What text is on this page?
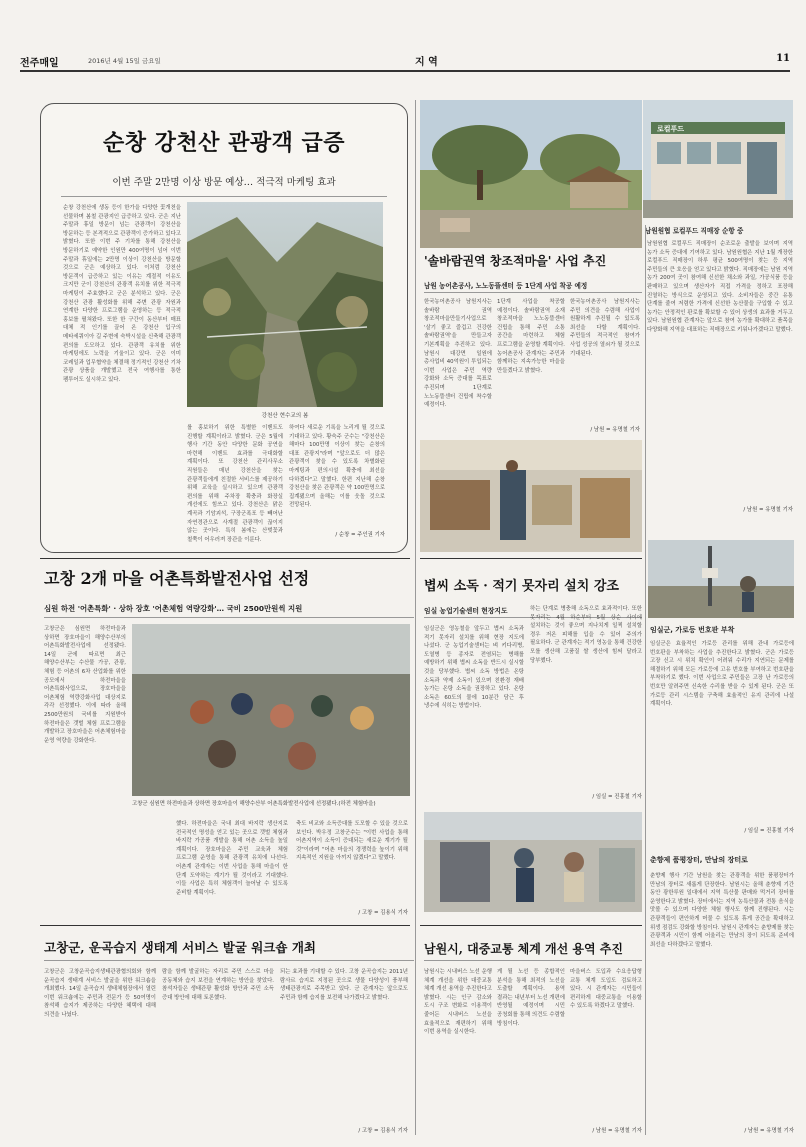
전주매일	2016년 4월 15일 금요일	지 역	11
순창 강천산 관광객 급증
이번 주말 2만명 이상 방문 예상… 적극적 마케팅 효과
순창 강천산에 생동 등이 한가을 다양한 꽃개천을 선물하며 봄철 관광지인 급증하고 있다. 군은 지난 주말과 휴일 방문이 넘는 관광객이 강천산을 방문하는 등 본격적으로 관광객이 증가하고 있다고 밝혔다. 또한 이번 주 기차를 통해 강천산을 방문하기로 예약한 인원만 400여명이 넘어 이번 주말과 휴일에는 2만명 이상이 강천산을 방문할 것으로 군은 예상하고 있다. 이처럼 강천산 방문객이 급증하고 있는 이유는 계절적 이유도 크지만 군이 강천산의 관광객 유치를 위한 적극적 마케팅이 주효했다고 군은 분석하고 있다. 군은 강천산 관광 활성화를 위해 주변 관광 자원과 연계한 다양한 프로그램을 운영하는 등 적극적 홍보를 펼쳐왔다. 또한 한 구간이 동산부터 매표 대체 적 인기를 끌어 온 강천산 입구의 메타세쿼이아 길 주변에 숙박시설을 신축해 관광객 편의를 도모하고 있다. 관광객 유치를 위한 마케팅에도 노력을 기울이고 있다. 군은 이미 코레일과 업무협약을 체결해 정기적인 강천산 기차 관광 상품을 개발했고 전국 여행사를 통한 팸투어도 실시하고 있다.
강천산 현수교의 봄
를 홍보하기 위한 특별한 이벤트도 진행할 계획이라고 밝혔다. 군은 5월에 행사 기간 동안 다양한 문화 공연을 마련해 이벤트 효과를 극대화할 계획이다. 또 강천산 관리사무소 직원들은 매년 강천산을 찾는 관광객들에게 친절한 서비스를 제공하기 위해 교육을 실시하고 있으며 관광객 편의를 위해 주차장 확충과 화장실 개선에도 힘쓰고 있다. 강천산은 맑은 계곡과 기암괴석, 구장군폭포 등 빼어난 자연경관으로 사계절 관광객이 끊이지 않는 곳이다. 특히 봄에는 산벚꽃과 철쭉이 어우러져 장관을 이룬다.
하여다 새로운 기록을 노리게 될 것으로 기대하고 있다. 황숙주 군수는 "강천산은 해마다 100만명 이상이 찾는 순창의 대표 관광지"라며 "앞으로도 더 많은 관광객이 찾을 수 있도록 차별화된 마케팅과 편의시설 확충에 최선을 다하겠다"고 말했다. 한편 지난해 순창 강천산을 찾은 관광객은 약 100만명으로 집계됐으며 올해는 이를 웃돌 것으로 전망된다.
/ 순창 = 주인권 기자
로컬푸드
남원원협 로컬푸드 직매장 순항 중
'솔바람권역 창조적마을' 사업 추진
남원 농어촌공사, 노노동뜰센터 등 1단계 사업 착공 예정
한국농어촌공사 남원지사는 솔바람 권역 창조적마을만들기사업으로 '살기 좋고 즐겁고 건강한 솔바람권역'을 만들고자 기본계획을 추진하고 있다. 남원시 대강면 일원에 총사업비 40억원이 투입되는 이번 사업은 주민 역량 강화와 소득 증대를 목표로 추진되며 1단계로 노노동뜰센터 건립에 착수할 예정이다.
1단계 사업을 착공할 예정이다. 솔바람권역 소재 창조적마을 노노동뜰센터 건립을 통해 주민 소통 공간을 마련하고 체험 프로그램을 운영할 계획이다. 농어촌공사 관계자는 주민과 함께하는 지속가능한 마을을 만들겠다고 밝혔다.
한국농어촌공사 남원지사는 주민 의견을 수렴해 사업이 원활하게 추진될 수 있도록 최선을 다할 계획이다. 주민들의 적극적인 참여가 사업 성공의 열쇠가 될 것으로 기대된다.
/ 남원 = 유명철 기자
남원원협 로컬푸드 직매장이 순조로운 출발을 보이며 지역 농가 소득 증대에 기여하고 있다. 남원원협은 지난 1월 개장한 로컬푸드 직매장이 하루 평균 500여명이 찾는 등 지역 주민들의 큰 호응을 얻고 있다고 밝혔다. 직매장에는 남원 지역 농가 200여 곳이 참여해 신선한 채소와 과일, 가공식품 등을 판매하고 있으며 생산자가 직접 가격을 정하고 포장해 진열하는 방식으로 운영되고 있다. 소비자들은 중간 유통 단계를 줄여 저렴한 가격에 신선한 농산물을 구입할 수 있고 농가는 안정적인 판로를 확보할 수 있어 상생의 효과를 거두고 있다. 남원원협 관계자는 앞으로 참여 농가를 확대하고 품목을 다양화해 지역을 대표하는 직매장으로 키워나가겠다고 말했다.
/ 남원 = 유명철 기자
고창 2개 마을 어촌특화발전사업 선정
심원 하전 '어촌특화' · 상하 장호 '어촌체험 역량강화'… 국비 2500만원씩 지원
고창군은 심원면 하전마을과 상하면 장호마을이 해양수산부의 어촌특화발전사업에 선정됐다. 14일 군에 따르면 최근 해양수산부는 수산물 가공, 관광, 체험 등 어촌의 6차 산업화를 위한 공모에서 하전마을을 어촌특화사업으로, 장호마을을 어촌체험 역량강화사업 대상지로 각각 선정했다. 이에 따라 올해 2500만원의 국비를 지원받아 하전마을은 갯벌 체험 프로그램을 개발하고 장호마을은 어촌체험마을 운영 역량을 강화한다.
고창군 심원면 하전마을과 상하면 장호마을이 해양수산부 어촌특화발전사업에 선정됐다.(하전 체험마을)
했다. 하전마을은 국내 최대 바지락 생산지로 전국적인 명성을 얻고 있는 곳으로 갯벌 체험과 바지락 가공품 개발을 통해 어촌 소득을 높일 계획이다. 장호마을은 주민 교육과 체험 프로그램 운영을 통해 관광객 유치에 나선다. 어촌계 관계자는 이번 사업을 통해 마을이 한 단계 도약하는 계기가 될 것이라고 기대했다. 이들 사업은 특히 체험객이 늘어날 수 있도록 준비할 계획이다.
축도 비교와 소득증대를 도모할 수 있을 것으로 보인다. 박우정 고창군수는 "이번 사업을 통해 어촌지역이 소득이 증대되는 새로운 계기가 될 것"이라며 "어촌 마을의 경쟁력을 높이기 위해 지속적인 지원을 아끼지 않겠다"고 말했다.
/ 고창 = 김용식 기자
볍씨 소독 · 적기 못자리 설치 강조
임실 농업기술센터 현장지도
임실군은 영농철을 앞두고 볍씨 소독과 적기 못자리 설치를 위해 현장 지도에 나섰다. 군 농업기술센터는 벼 키다리병, 도열병 등 종자로 전염되는 병해를 예방하기 위해 볍씨 소독을 반드시 실시할 것을 당부했다. 볍씨 소독 방법은 온탕 소독과 약제 소독이 있으며 친환경 재배 농가는 온탕 소독을 권장하고 있다. 온탕 소독은 60도의 물에 10분간 담근 후 냉수에 식히는 방법이다.
하는 단계로 병충해 소독으로 효과적이다. 또한 못자리는 4월 하순부터 5월 상순 사이에 설치하는 것이 좋으며 지나치게 일찍 설치할 경우 저온 피해를 입을 수 있어 주의가 필요하다. 군 관계자는 적기 영농을 통해 건강한 모를 생산해 고품질 쌀 생산에 힘써 달라고 당부했다.
/ 임실 = 진홍철 기자
임실군, 가로등 번호판 부착
임실군은 효율적인 가로등 관리를 위해 관내 가로등에 번호판을 부착하는 사업을 추진한다고 밝혔다. 군은 가로등 고장 신고 시 위치 확인이 어려워 수리가 지연되는 문제를 해결하기 위해 모든 가로등에 고유 번호를 부여하고 번호판을 부착하기로 했다. 이번 사업으로 주민들은 고장 난 가로등의 번호만 알려주면 신속한 수리를 받을 수 있게 된다. 군은 또 가로등 관리 시스템을 구축해 효율적인 유지 관리에 나설 계획이다.
/ 임실 = 진홍철 기자
춘향제 품평장터, 만남의 장터로
춘향제 행사 기간 남원을 찾는 관광객을 위한 품평장터가 만남의 장터로 새롭게 단장한다. 남원시는 올해 춘향제 기간 동안 광한루원 일대에서 지역 특산물 판매와 먹거리 장터를 운영한다고 밝혔다. 장터에서는 지역 농특산물과 전통 음식을 맛볼 수 있으며 다양한 체험 행사도 함께 진행된다. 시는 관광객들이 편안하게 머물 수 있도록 휴게 공간을 확대하고 위생 점검도 강화할 방침이다. 남원시 관계자는 춘향제를 찾는 관광객과 시민이 함께 어울리는 만남의 장이 되도록 준비에 최선을 다하겠다고 말했다.
/ 남원 = 유명철 기자
고창군, 운곡습지 생태계 서비스 발굴 워크숍 개최
고창군은 고창운곡습지생태관광협의회와 함께 운곡습지 생태계 서비스 발굴을 위한 워크숍을 개최했다. 14일 운곡습지 생태체험장에서 열린 이번 워크숍에는 주민과 전문가 등 50여명이 참석해 습지가 제공하는 다양한 혜택에 대해 의견을 나눴다.
람을 함께 발굴하는 자리로 주민 스스로 마을 공동체와 습지 보전을 연계하는 방안을 찾았다. 참석자들은 생태관광 활성화 방안과 주민 소득 증대 방안에 대해 토론했다.
되는 효과를 기대할 수 있다. 고창 운곡습지는 2011년 람사르 습지로 지정된 곳으로 생물 다양성이 풍부해 생태관광지로 주목받고 있다. 군 관계자는 앞으로도 주민과 함께 습지를 보전해 나가겠다고 밝혔다.
/ 고창 = 김용식 기자
남원시, 대중교통 체계 개선 용역 추진
남원시는 시내버스 노선 운행 체계 개선을 위한 대중교통 체계 개선 용역을 추진한다고 밝혔다. 시는 인구 감소와 도시 구조 변화로 이용객이 줄어든 시내버스 노선을 효율적으로 재편하기 위해 이번 용역을 실시한다.
게 될 노선 등 종합적인 분석을 통해 최적의 노선을 도출할 계획이다. 용역 결과는 내년부터 노선 개편에 반영될 예정이며 시민 공청회를 통해 의견도 수렴할 방침이다.
마을버스 도입과 수요응답형 교통 체계 도입도 검토하고 있다. 시 관계자는 시민들이 편리하게 대중교통을 이용할 수 있도록 하겠다고 말했다.
/ 남원 = 유명철 기자
